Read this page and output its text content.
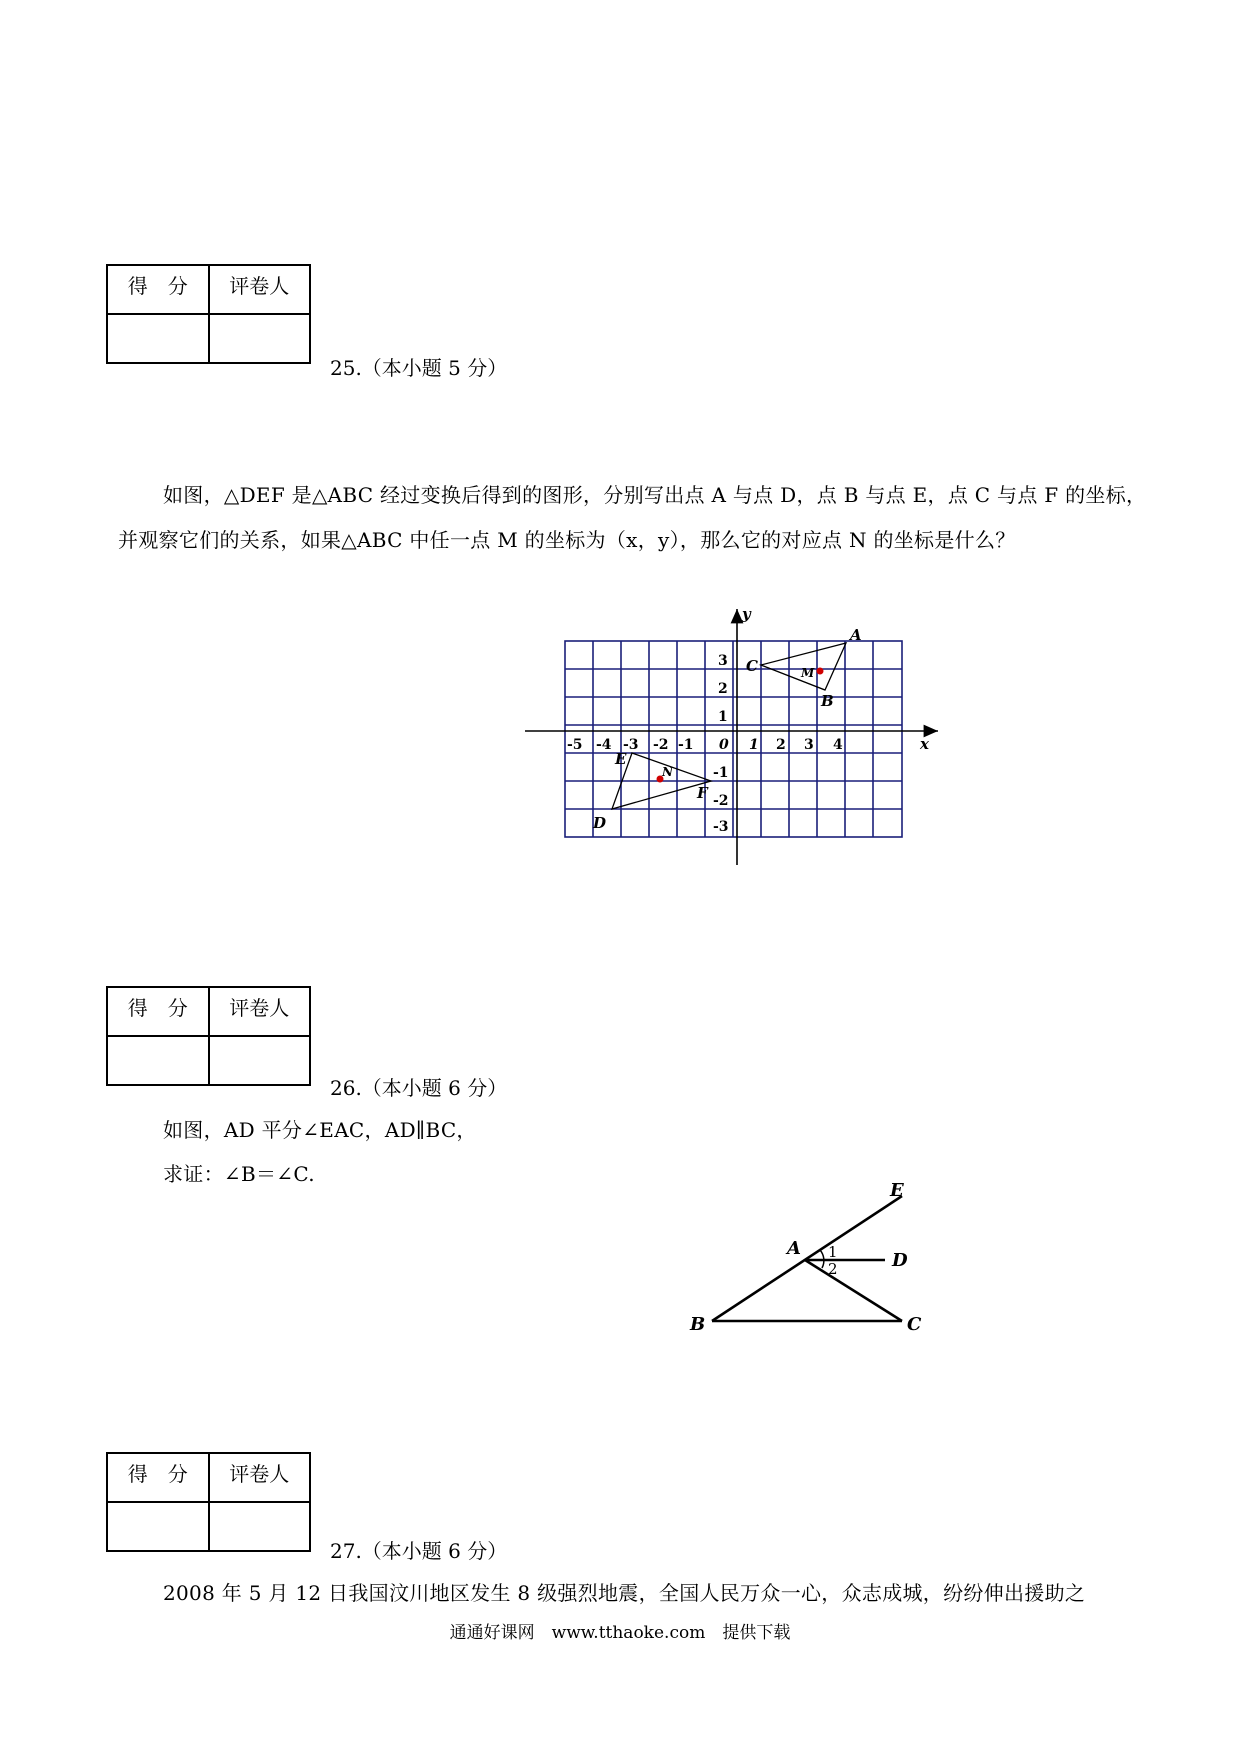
得　分	评卷人

25.（本小题 5 分）
如图，△DEF 是△ABC 经过变换后得到的图形，分别写出点 A 与点 D，点 B 与点 E，点 C 与点 F 的坐标，
并观察它们的关系，如果△ABC 中任一点 M 的坐标为（x，y），那么它的对应点 N 的坐标是什么？
y
x
-5 -4 -3 -2 -1 0 1 2 3 4
3
2
1
-1
-2
-3
A
B
C	M
D
E
F
N
得　分	评卷人

26.（本小题 6 分）
如图，AD 平分∠EAC，AD∥BC，
求证：∠B＝∠C.
A
B	C
D
E
1
2
得　分	评卷人

27.（本小题 6 分）
2008 年 5 月 12 日我国汶川地区发生 8 级强烈地震，全国人民万众一心，众志成城，纷纷伸出援助之
通通好课网　www.tthaoke.com　提供下载
